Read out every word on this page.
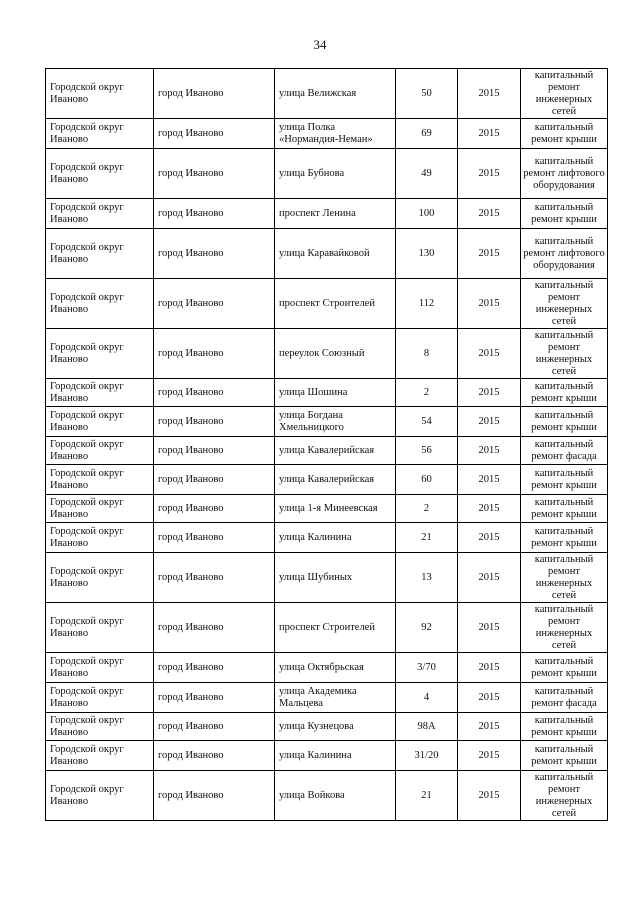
34
Городской округ Иваново	город Иваново	улица Велижская	50	2015	капитальный ремонт инженерных сетей
Городской округ Иваново	город Иваново	улица Полка «Нормандия-Неман»	69	2015	капитальный ремонт крыши
Городской округ Иваново	город Иваново	улица Бубнова	49	2015	капитальный ремонт лифтового оборудования
Городской округ Иваново	город Иваново	проспект Ленина	100	2015	капитальный ремонт крыши
Городской округ Иваново	город Иваново	улица Каравайковой	130	2015	капитальный ремонт лифтового оборудования
Городской округ Иваново	город Иваново	проспект Строителей	112	2015	капитальный ремонт инженерных сетей
Городской округ Иваново	город Иваново	переулок Союзный	8	2015	капитальный ремонт инженерных сетей
Городской округ Иваново	город Иваново	улица Шошина	2	2015	капитальный ремонт крыши
Городской округ Иваново	город Иваново	улица Богдана Хмельницкого	54	2015	капитальный ремонт крыши
Городской округ Иваново	город Иваново	улица Кавалерийская	56	2015	капитальный ремонт фасада
Городской округ Иваново	город Иваново	улица Кавалерийская	60	2015	капитальный ремонт крыши
Городской округ Иваново	город Иваново	улица 1-я Минеевская	2	2015	капитальный ремонт крыши
Городской округ Иваново	город Иваново	улица Калинина	21	2015	капитальный ремонт крыши
Городской округ Иваново	город Иваново	улица Шубиных	13	2015	капитальный ремонт инженерных сетей
Городской округ Иваново	город Иваново	проспект Строителей	92	2015	капитальный ремонт инженерных сетей
Городской округ Иваново	город Иваново	улица Октябрьская	3/70	2015	капитальный ремонт крыши
Городской округ Иваново	город Иваново	улица Академика Мальцева	4	2015	капитальный ремонт фасада
Городской округ Иваново	город Иваново	улица Кузнецова	98А	2015	капитальный ремонт крыши
Городской округ Иваново	город Иваново	улица Калинина	31/20	2015	капитальный ремонт крыши
Городской округ Иваново	город Иваново	улица Войкова	21	2015	капитальный ремонт инженерных сетей
